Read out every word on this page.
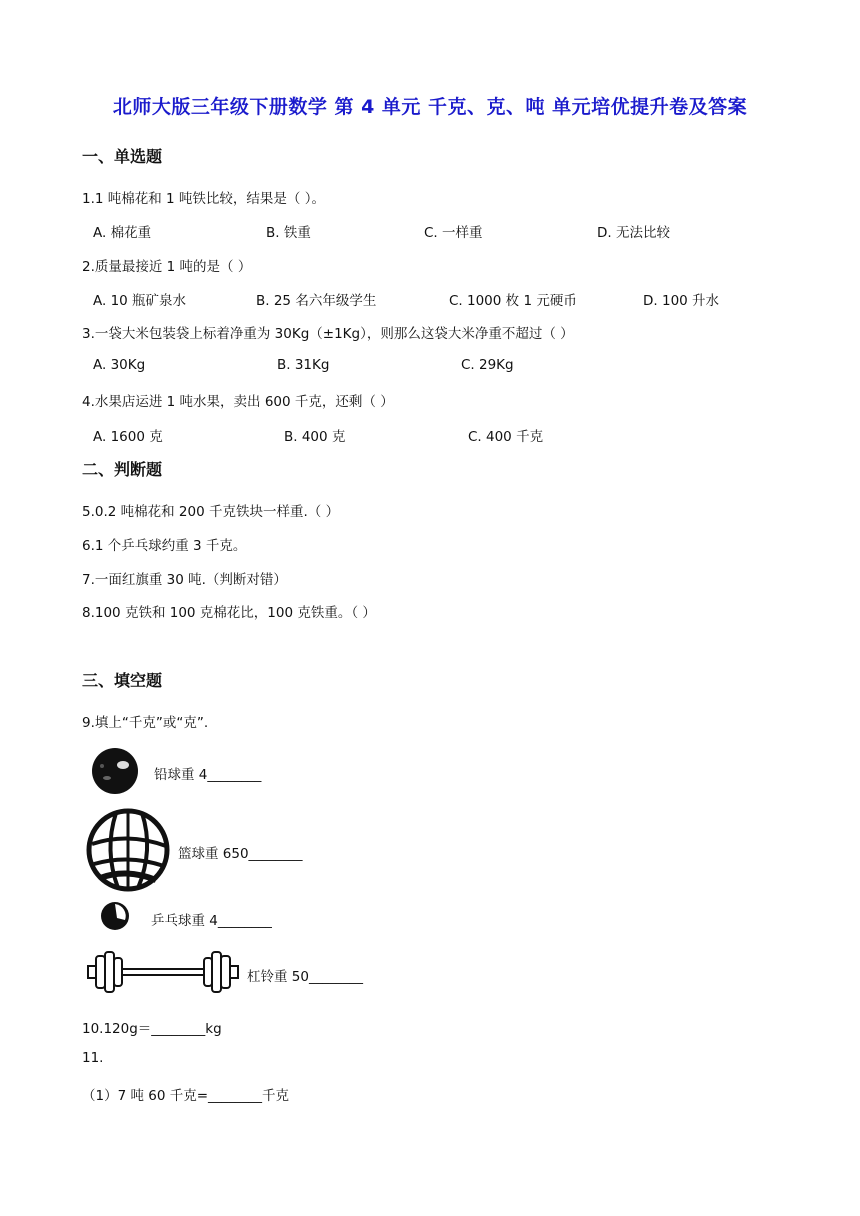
北师大版三年级下册数学 第 4 单元 千克、克、吨 单元培优提升卷及答案
一、单选题
1.1 吨棉花和 1 吨铁比较，结果是（ ）。
A. 棉花重	B. 铁重	C. 一样重	D. 无法比较
2.质量最接近 1 吨的是（ ）
A. 10 瓶矿泉水	B. 25 名六年级学生	C. 1000 枚 1 元硬币	D. 100 升水
3.一袋大米包装袋上标着净重为 30Kg（±1Kg），则那么这袋大米净重不超过（ ）
A. 30Kg	B. 31Kg	C. 29Kg
4.水果店运进 1 吨水果，卖出 600 千克，还剩（ ）
A. 1600 克	B. 400 克	C. 400 千克
二、判断题
5.0.2 吨棉花和 200 千克铁块一样重.（ ）
6.1 个乒乓球约重 3 千克。
7.一面红旗重 30 吨.（判断对错）
8.100 克铁和 100 克棉花比，100 克铁重。（ ）
三、填空题
9.填上“千克”或“克”.
铅球重 4________
篮球重 650________
乒乓球重 4________
杠铃重 50________
10.120g＝________kg
11.
（1）7 吨 60 千克=________千克
